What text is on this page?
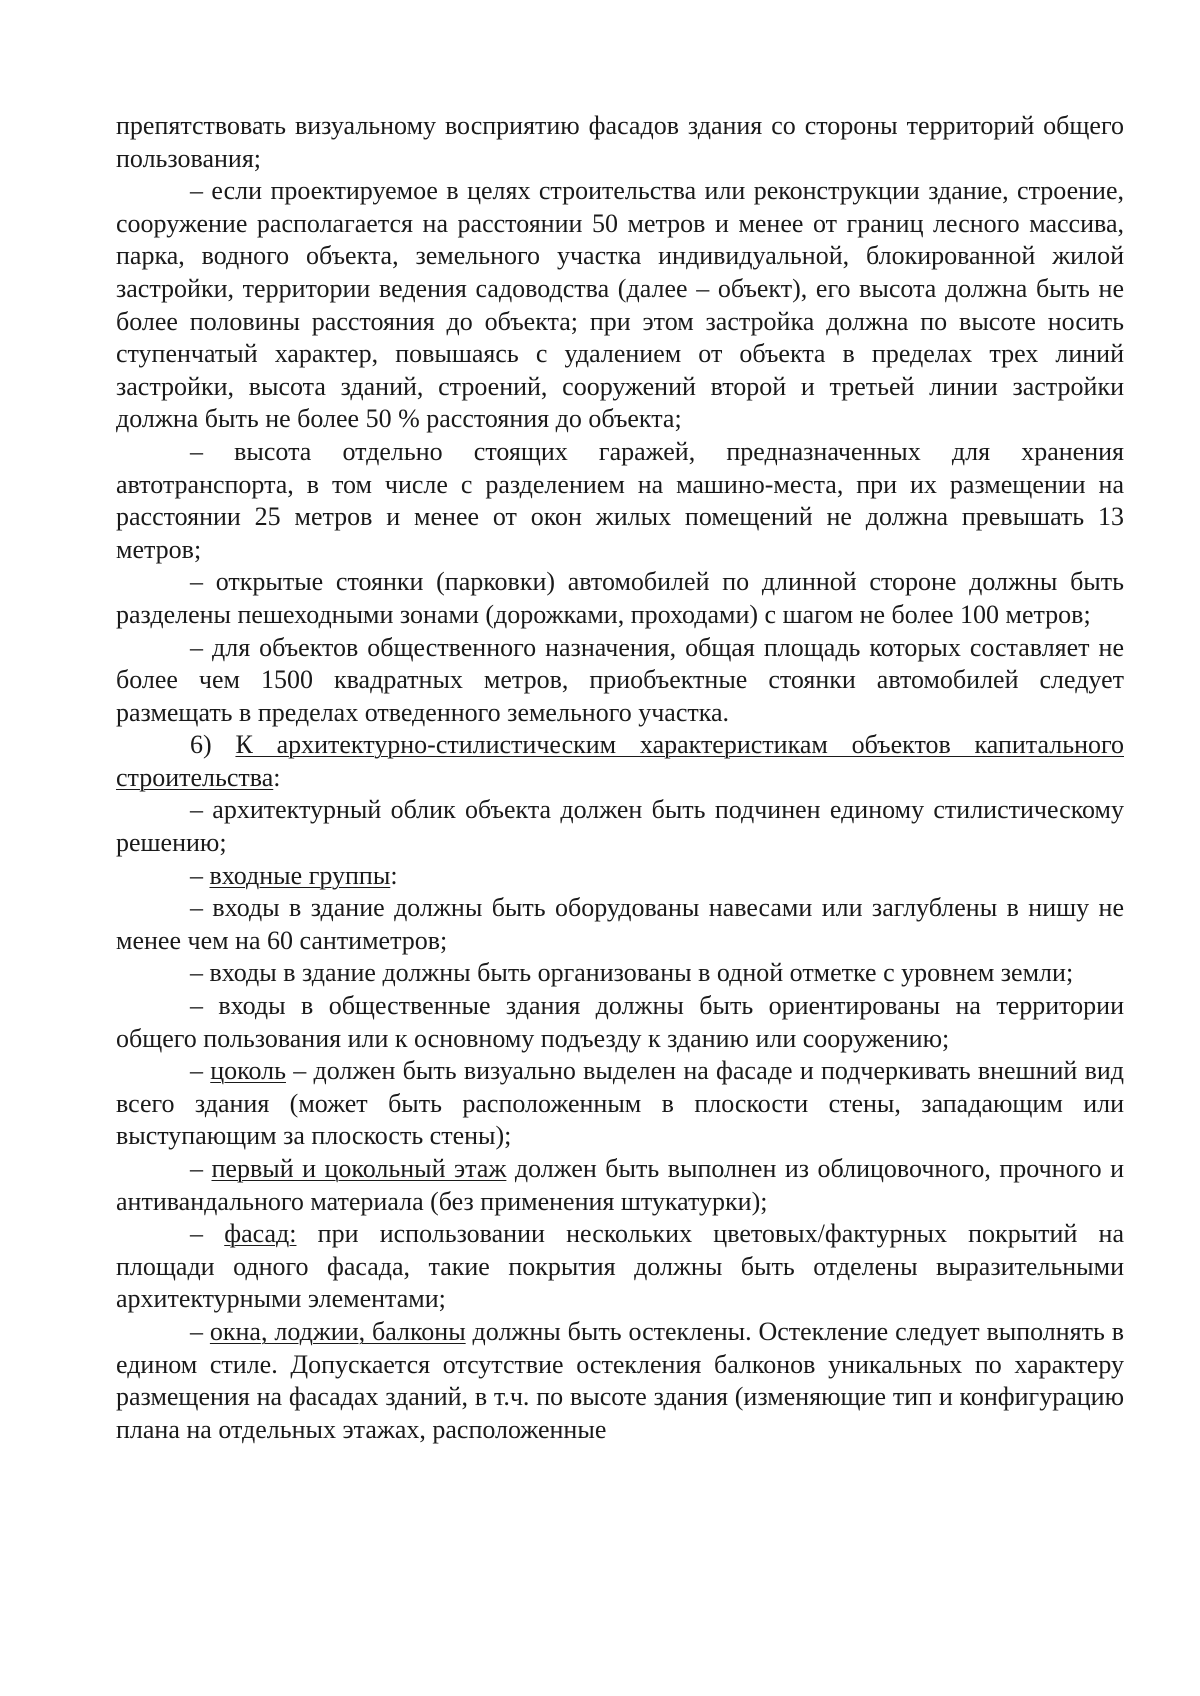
препятствовать визуальному восприятию фасадов здания со стороны территорий общего пользования;

– если проектируемое в целях строительства или реконструкции здание, строение, сооружение располагается на расстоянии 50 метров и менее от границ лесного массива, парка, водного объекта, земельного участка индивидуальной, блокированной жилой застройки, территории ведения садоводства (далее – объект), его высота должна быть не более половины расстояния до объекта; при этом застройка должна по высоте носить ступенчатый характер, повышаясь с удалением от объекта в пределах трех линий застройки, высота зданий, строений, сооружений второй и третьей линии застройки должна быть не более 50 % расстояния до объекта;

– высота отдельно стоящих гаражей, предназначенных для хранения автотранспорта, в том числе с разделением на машино-места, при их размещении на расстоянии 25 метров и менее от окон жилых помещений не должна превышать 13 метров;

– открытые стоянки (парковки) автомобилей по длинной стороне должны быть разделены пешеходными зонами (дорожками, проходами) с шагом не более 100 метров;

– для объектов общественного назначения, общая площадь которых составляет не более чем 1500 квадратных метров, приобъектные стоянки автомобилей следует размещать в пределах отведенного земельного участка.

6) К архитектурно-стилистическим характеристикам объектов капитального строительства:

– архитектурный облик объекта должен быть подчинен единому стилистическому решению;

– входные группы:

– входы в здание должны быть оборудованы навесами или заглублены в нишу не менее чем на 60 сантиметров;

– входы в здание должны быть организованы в одной отметке с уровнем земли;

– входы в общественные здания должны быть ориентированы на территории общего пользования или к основному подъезду к зданию или сооружению;

– цоколь – должен быть визуально выделен на фасаде и подчеркивать внешний вид всего здания (может быть расположенным в плоскости стены, западающим или выступающим за плоскость стены);

– первый и цокольный этаж должен быть выполнен из облицовочного, прочного и антивандального материала (без применения штукатурки);

– фасад: при использовании нескольких цветовых/фактурных покрытий на площади одного фасада, такие покрытия должны быть отделены выразительными архитектурными элементами;

– окна, лоджии, балконы должны быть остеклены. Остекление следует выполнять в едином стиле. Допускается отсутствие остекления балконов уникальных по характеру размещения на фасадах зданий, в т.ч. по высоте здания (изменяющие тип и конфигурацию плана на отдельных этажах, расположенные
